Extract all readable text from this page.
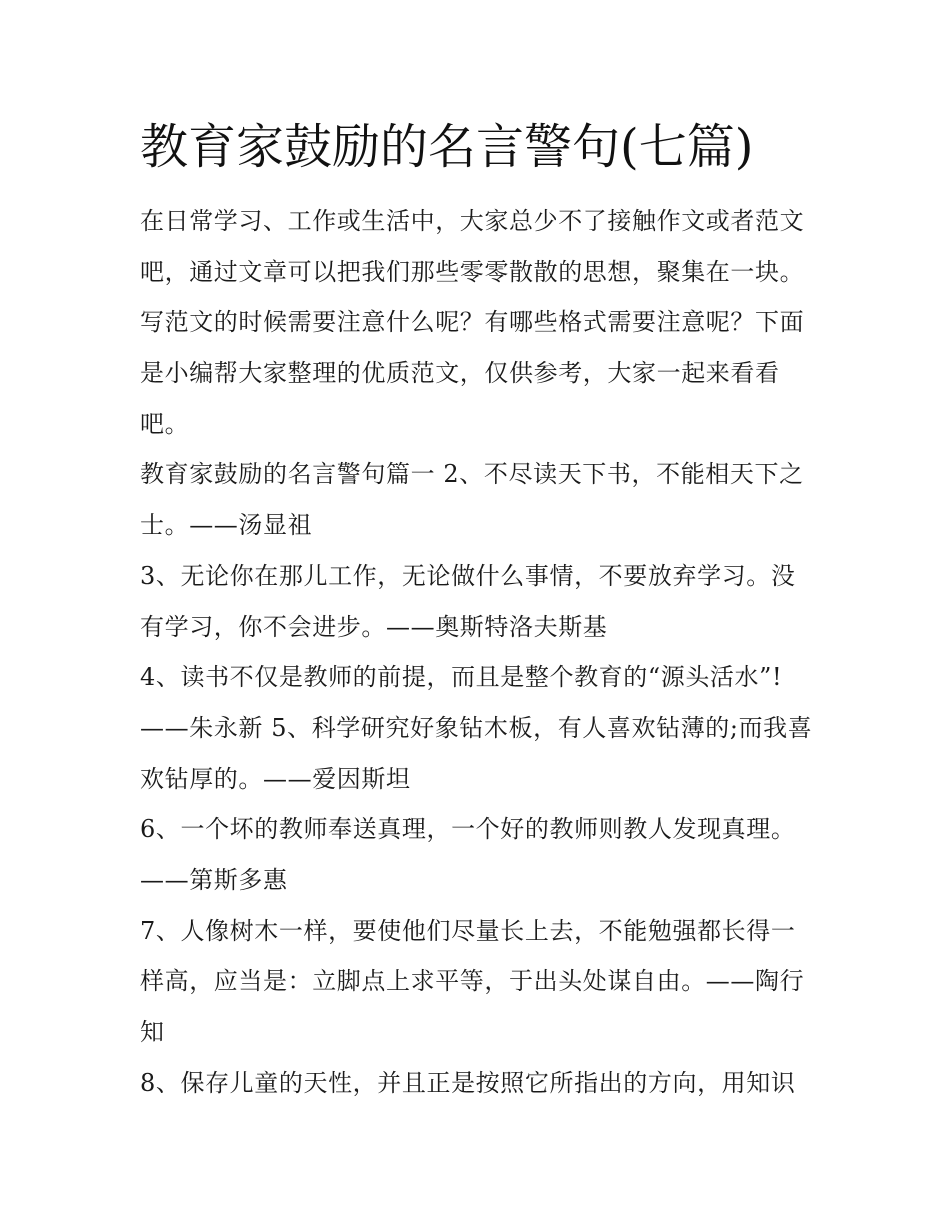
教育家鼓励的名言警句(七篇)

在日常学习、工作或生活中，大家总少不了接触作文或者范文
吧，通过文章可以把我们那些零零散散的思想，聚集在一块。
写范文的时候需要注意什么呢？有哪些格式需要注意呢？下面
是小编帮大家整理的优质范文，仅供参考，大家一起来看看
吧。

教育家鼓励的名言警句篇一 2、不尽读天下书，不能相天下之
士。——汤显祖

3、无论你在那儿工作，无论做什么事情，不要放弃学习。没
有学习，你不会进步。——奥斯特洛夫斯基

4、读书不仅是教师的前提，而且是整个教育的“源头活水”!
——朱永新 5、科学研究好象钻木板，有人喜欢钻薄的;而我喜
欢钻厚的。——爱因斯坦

6、一个坏的教师奉送真理，一个好的教师则教人发现真理。
——第斯多惠

7、人像树木一样，要使他们尽量长上去，不能勉强都长得一
样高，应当是：立脚点上求平等，于出头处谋自由。——陶行
知

8、保存儿童的天性，并且正是按照它所指出的方向，用知识
